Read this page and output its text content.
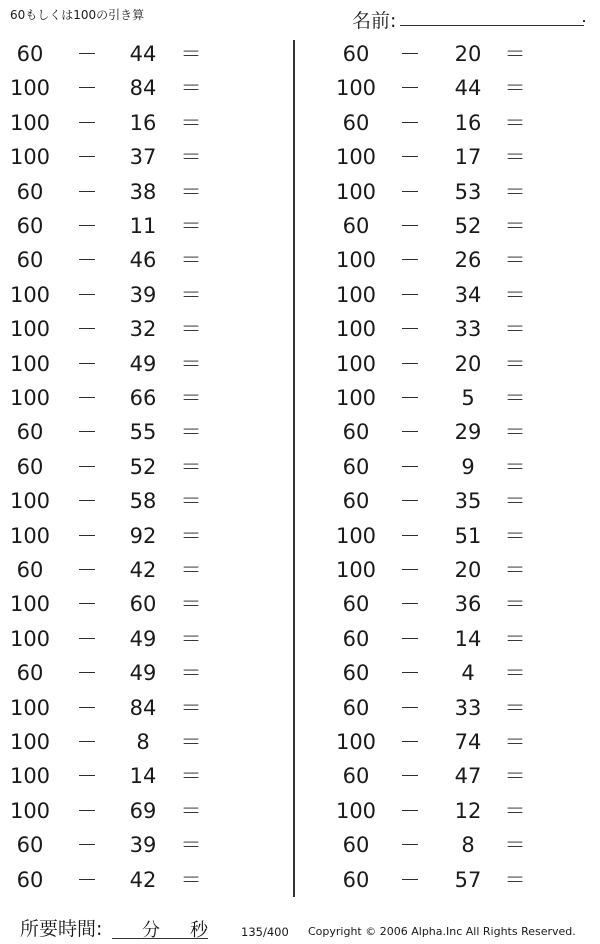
60もしくは100の引き算	名前:
60	－	44	＝
100	－	84	＝
100	－	16	＝
100	－	37	＝
60	－	38	＝
60	－	11	＝
60	－	46	＝
100	－	39	＝
100	－	32	＝
100	－	49	＝
100	－	66	＝
60	－	55	＝
60	－	52	＝
100	－	58	＝
100	－	92	＝
60	－	42	＝
100	－	60	＝
100	－	49	＝
60	－	49	＝
100	－	84	＝
100	－	8	＝
100	－	14	＝
100	－	69	＝
60	－	39	＝
60	－	42	＝
60	－	20	＝
100	－	44	＝
60	－	16	＝
100	－	17	＝
100	－	53	＝
60	－	52	＝
100	－	26	＝
100	－	34	＝
100	－	33	＝
100	－	20	＝
100	－	5	＝
60	－	29	＝
60	－	9	＝
60	－	35	＝
100	－	51	＝
100	－	20	＝
60	－	36	＝
60	－	14	＝
60	－	4	＝
60	－	33	＝
100	－	74	＝
60	－	47	＝
100	－	12	＝
60	－	8	＝
60	－	57	＝
所要時間: 分 秒	135/400 Copyright © 2006 Alpha.Inc All Rights Reserved.
